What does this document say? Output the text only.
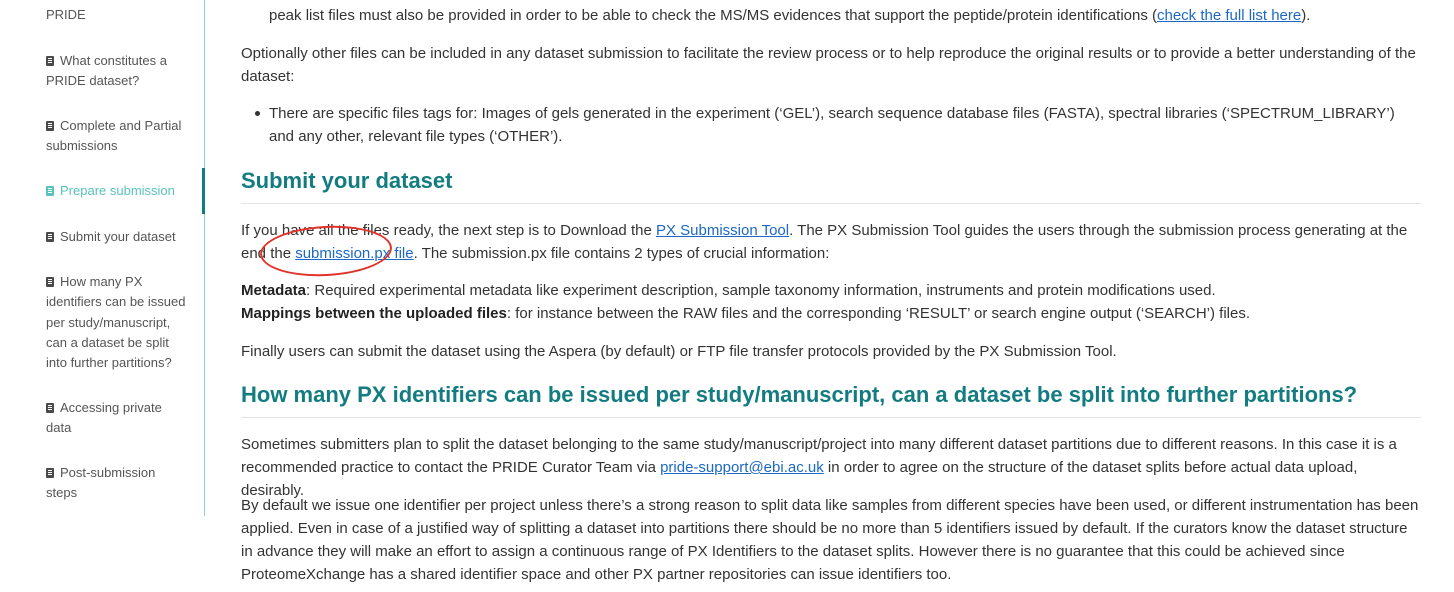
PRIDE
What constitutes a PRIDE dataset?
Complete and Partial submissions
Prepare submission
Submit your dataset
How many PX identifiers can be issued per study/manuscript, can a dataset be split into further partitions?
Accessing private data
Post-submission steps
peak list files must also be provided in order to be able to check the MS/MS evidences that support the peptide/protein identifications (check the full list here).

Optionally other files can be included in any dataset submission to facilitate the review process or to help reproduce the original results or to provide a better understanding of the dataset:

There are specific files tags for: Images of gels generated in the experiment (‘GEL’), search sequence database files (FASTA), spectral libraries (‘SPECTRUM_LIBRARY’) and any other, relevant file types (‘OTHER’).
Submit your dataset
If you have all the files ready, the next step is to Download the PX Submission Tool. The PX Submission Tool guides the users through the submission process generating at the end the submission.px file. The submission.px file contains 2 types of crucial information:
Metadata: Required experimental metadata like experiment description, sample taxonomy information, instruments and protein modifications used.
Mappings between the uploaded files: for instance between the RAW files and the corresponding ‘RESULT’ or search engine output (‘SEARCH’) files.

Finally users can submit the dataset using the Aspera (by default) or FTP file transfer protocols provided by the PX Submission Tool.

How many PX identifiers can be issued per study/manuscript, can a dataset be split into further partitions?
Sometimes submitters plan to split the dataset belonging to the same study/manuscript/project into many different dataset partitions due to different reasons. In this case it is a recommended practice to contact the PRIDE Curator Team via pride-support@ebi.ac.uk in order to agree on the structure of the dataset splits before actual data upload, desirably.

By default we issue one identifier per project unless there’s a strong reason to split data like samples from different species have been used, or different instrumentation has been applied. Even in case of a justified way of splitting a dataset into partitions there should be no more than 5 identifiers issued by default. If the curators know the dataset structure in advance they will make an effort to assign a continuous range of PX Identifiers to the dataset splits. However there is no guarantee that this could be achieved since ProteomeXchange has a shared identifier space and other PX partner repositories can issue identifiers too.
